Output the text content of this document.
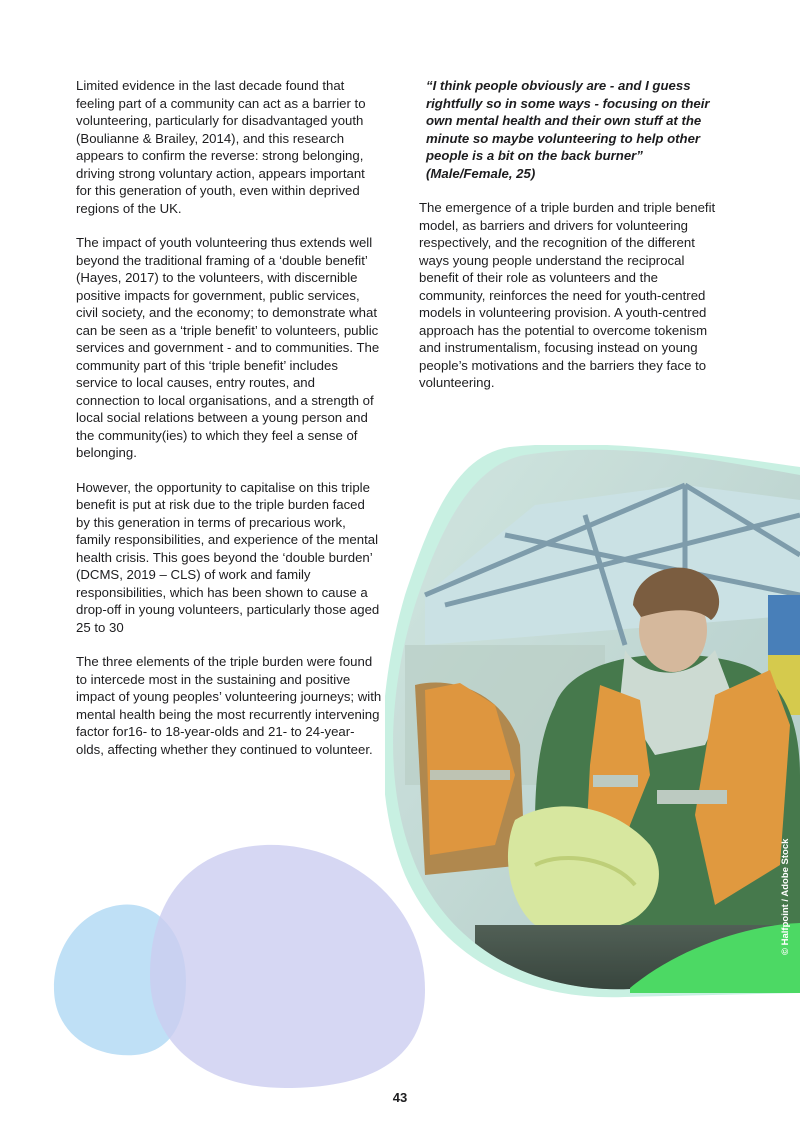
Limited evidence in the last decade found that feeling part of a community can act as a barrier to volunteering, particularly for disadvantaged youth (Boulianne & Brailey, 2014), and this research appears to confirm the reverse: strong belonging, driving strong voluntary action, appears important for this generation of youth, even within deprived regions of the UK.

The impact of youth volunteering thus extends well beyond the traditional framing of a ‘double benefit’ (Hayes, 2017) to the volunteers, with discernible positive impacts for government, public services, civil society, and the economy; to demonstrate what can be seen as a ‘triple benefit’ to volunteers, public services and government - and to communities. The community part of this ‘triple benefit’ includes service to local causes, entry routes, and connection to local organisations, and a strength of local social relations between a young person and the community(ies) to which they feel a sense of belonging.

However, the opportunity to capitalise on this triple benefit is put at risk due to the triple burden faced by this generation in terms of precarious work, family responsibilities, and experience of the mental health crisis. This goes beyond the ‘double burden’ (DCMS, 2019 – CLS) of work and family responsibilities, which has been shown to cause a drop-off in young volunteers, particularly those aged 25 to 30

The three elements of the triple burden were found to intercede most in the sustaining and positive impact of young peoples’ volunteering journeys; with mental health being the most recurrently intervening factor for16- to 18-year-olds and 21- to 24-year-olds, affecting whether they continued to volunteer.

“I think people obviously are - and I guess rightfully so in some ways - focusing on their own mental health and their own stuff at the minute so maybe volunteering to help other people is a bit on the back burner” (Male/Female, 25)

The emergence of a triple burden and triple benefit model, as barriers and drivers for volunteering respectively, and the recognition of the different ways young people understand the reciprocal benefit of their role as volunteers and the community, reinforces the need for youth-centred models in volunteering provision. A youth-centred approach has the potential to overcome tokenism and instrumentalism, focusing instead on young people’s motivations and the barriers they face to volunteering.

© Halfpoint / Adobe Stock
43
